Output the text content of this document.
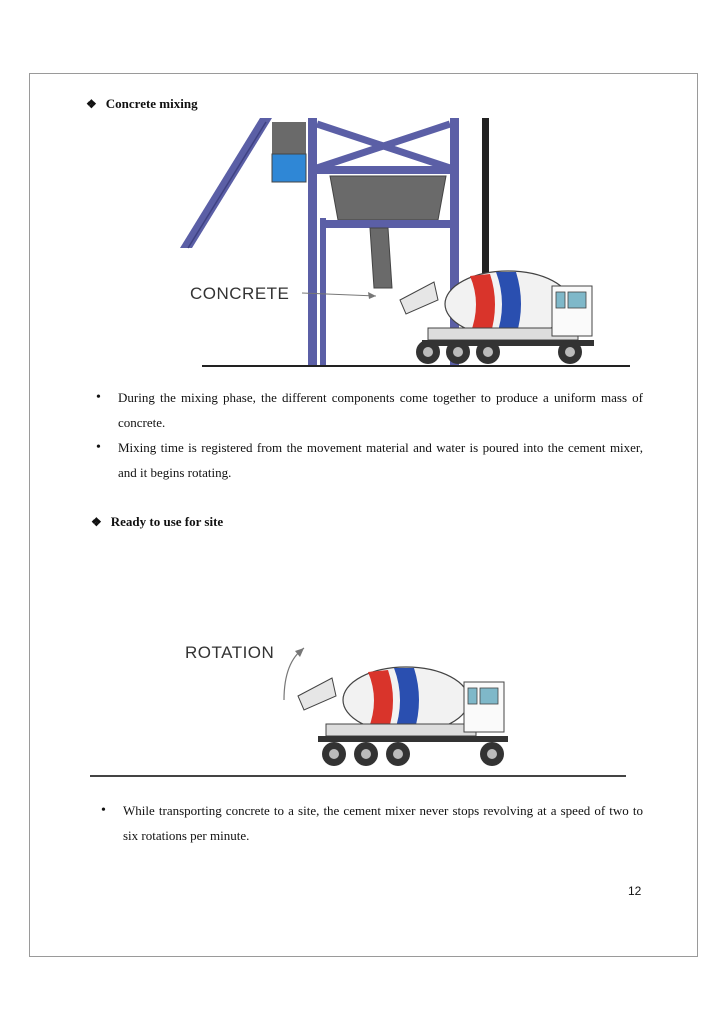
❖ Concrete mixing
CONCRETE
• During the mixing phase, the different components come together to produce a uniform mass of concrete.
• Mixing time is registered from the movement material and water is poured into the cement mixer, and it begins rotating.
❖ Ready to use for site
ROTATION
• While transporting concrete to a site, the cement mixer never stops revolving at a speed of two to six rotations per minute.
12
